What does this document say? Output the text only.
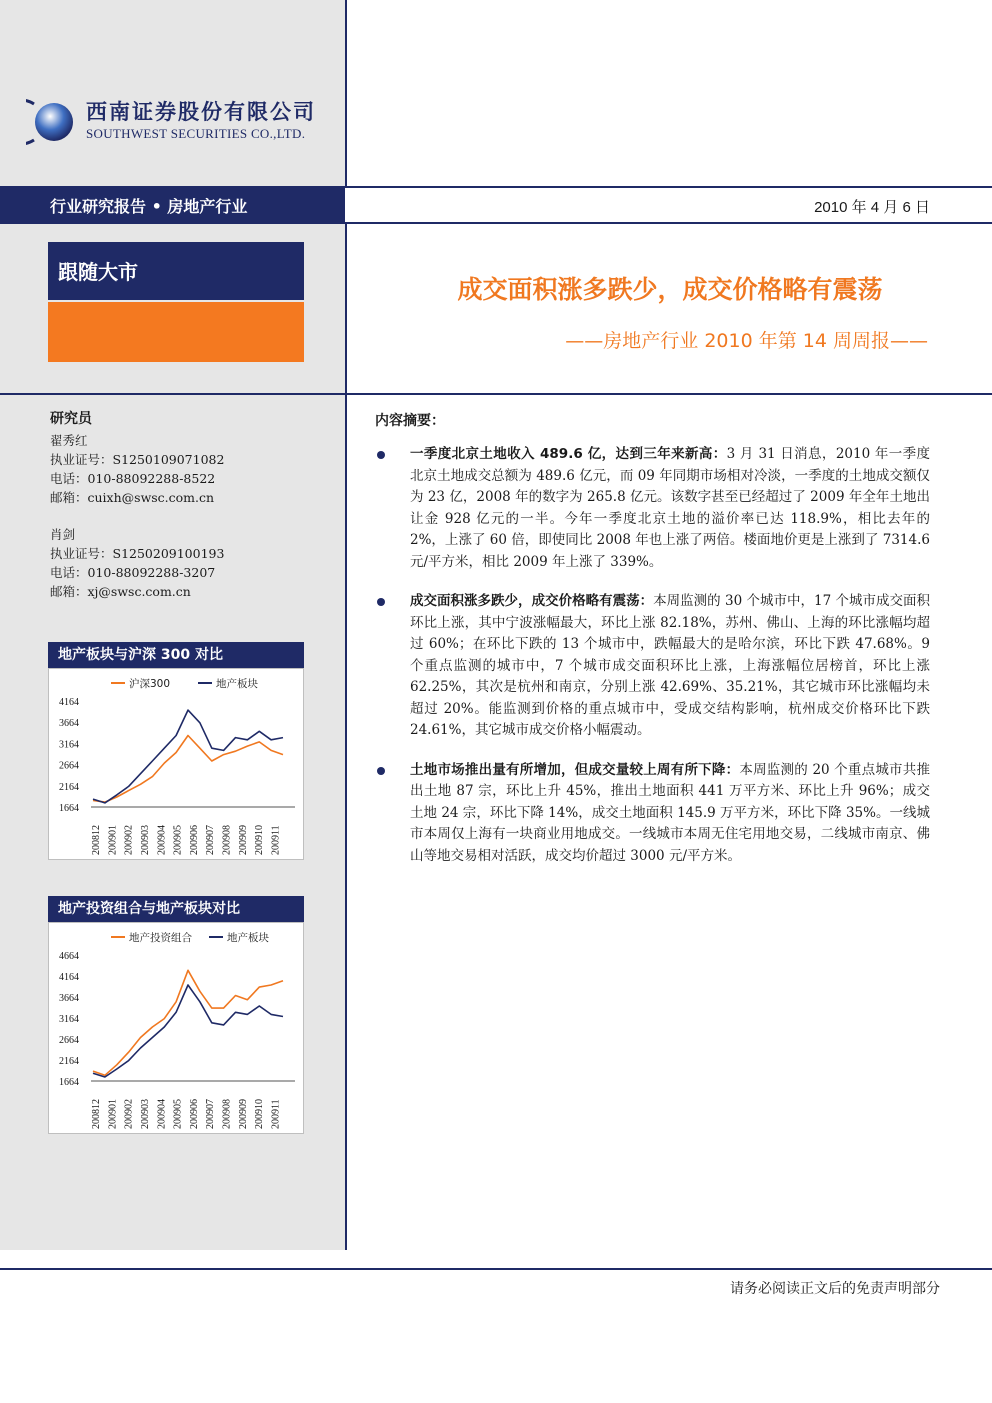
西南证券股份有限公司
SOUTHWEST SECURITIES CO.,LTD.
行业研究报告 • 房地产行业	2010 年 4 月 6 日
跟随大市
成交面积涨多跌少，成交价格略有震荡
——房地产行业 2010 年第 14 周周报——
研究员
翟秀红
执业证号：S1250109071082
电话：010-88092288-8522
邮箱：cuixh@swsc.com.cn
肖剑
执业证号：S1250209100193
电话：010-88092288-3207
邮箱：xj@swsc.com.cn
地产板块与沪深 300 对比
沪深300	地产板块
1664
2164
2664
3164
3664
4164
200812 200901 200902 200903 200904 200905 200906 200907 200908 200909 200910 200911
地产投资组合与地产板块对比
地产投资组合	地产板块
1664
2164
2664
3164
3664
4164
4664
200812 200901 200902 200903 200904 200905 200906 200907 200908 200909 200910 200911
内容摘要：
一季度北京土地收入 489.6 亿，达到三年来新高：3 月 31 日消息，2010 年一季度北京土地成交总额为 489.6 亿元，而 09 年同期市场相对冷淡，一季度的土地成交额仅为 23 亿，2008 年的数字为 265.8 亿元。该数字甚至已经超过了 2009 年全年土地出让金 928 亿元的一半。今年一季度北京土地的溢价率已达 118.9%，相比去年的 2%，上涨了 60 倍，即使同比 2008 年也上涨了两倍。楼面地价更是上涨到了 7314.6 元/平方米，相比 2009 年上涨了 339%。
成交面积涨多跌少，成交价格略有震荡：本周监测的 30 个城市中，17 个城市成交面积环比上涨，其中宁波涨幅最大，环比上涨 82.18%，苏州、佛山、上海的环比涨幅均超过 60%；在环比下跌的 13 个城市中，跌幅最大的是哈尔滨，环比下跌 47.68%。9 个重点监测的城市中，7 个城市成交面积环比上涨，上海涨幅位居榜首，环比上涨 62.25%，其次是杭州和南京，分别上涨 42.69%、35.21%，其它城市环比涨幅均未超过 20%。能监测到价格的重点城市中，受成交结构影响，杭州成交价格环比下跌 24.61%，其它城市成交价格小幅震动。
土地市场推出量有所增加，但成交量较上周有所下降：本周监测的 20 个重点城市共推出土地 87 宗，环比上升 45%，推出土地面积 441 万平方米、环比上升 96%；成交土地 24 宗，环比下降 14%，成交土地面积 145.9 万平方米，环比下降 35%。一线城市本周仅上海有一块商业用地成交。一线城市本周无住宅用地交易，二线城市南京、佛山等地交易相对活跃，成交均价超过 3000 元/平方米。
请务必阅读正文后的免责声明部分
